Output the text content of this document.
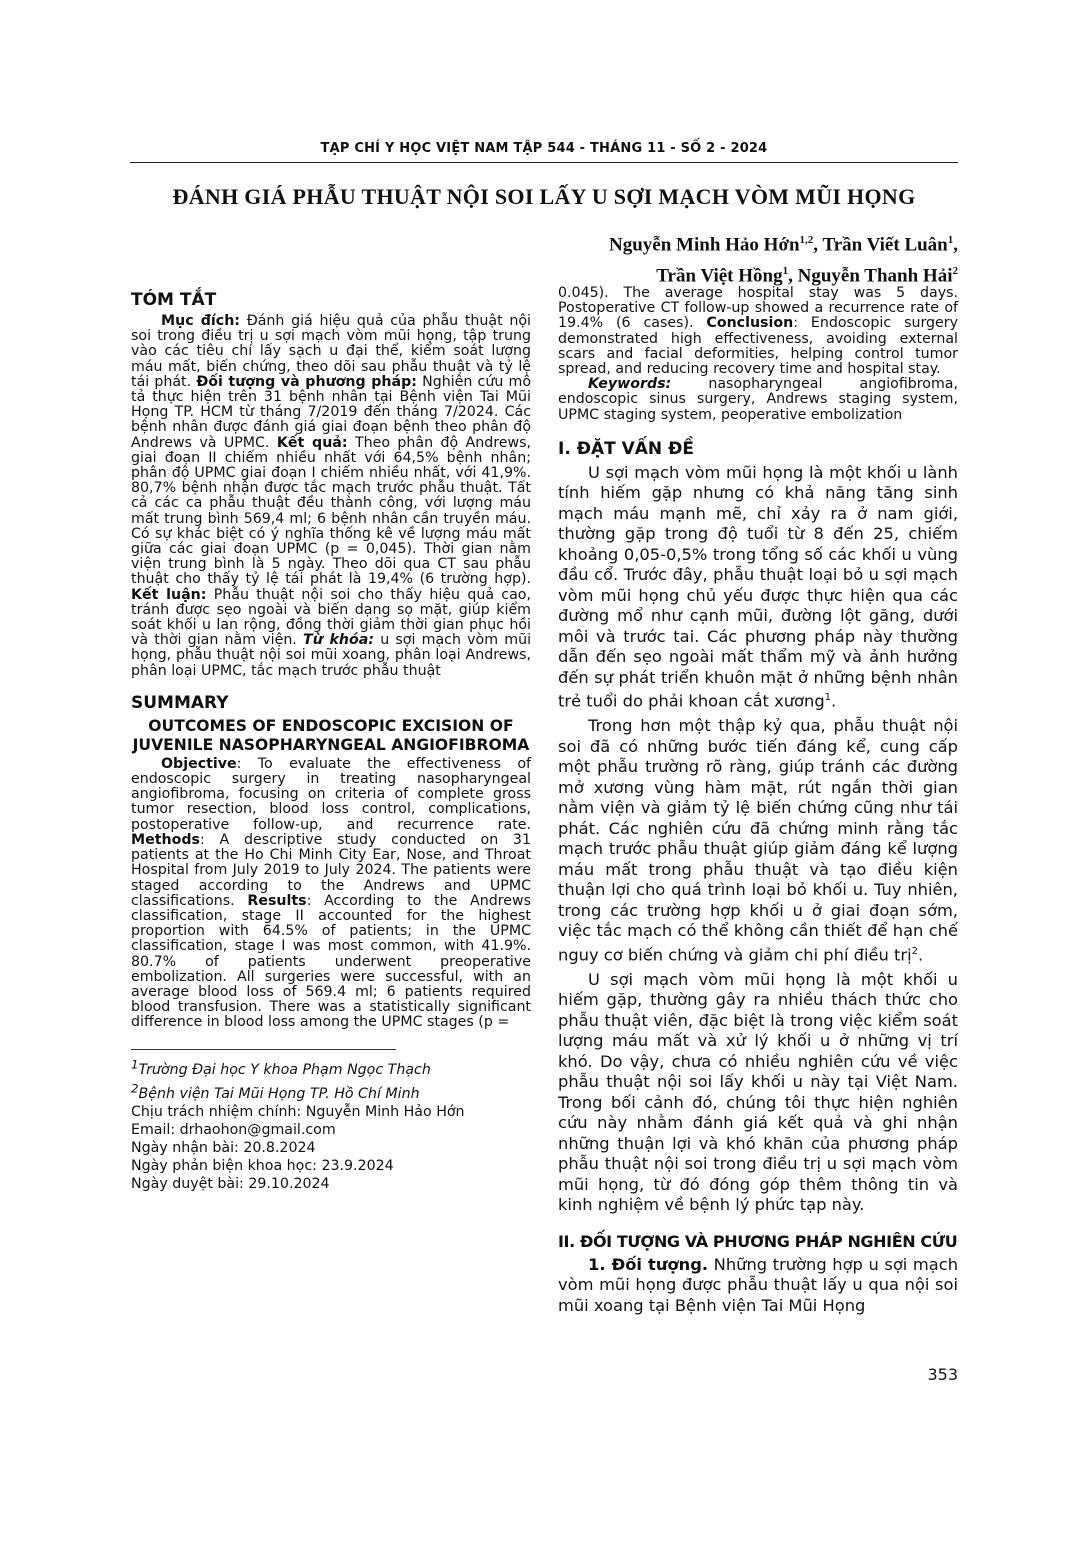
TẠP CHÍ Y HỌC VIỆT NAM TẬP 544 - THÁNG 11 - SỐ 2 - 2024
ĐÁNH GIÁ PHẪU THUẬT NỘI SOI LẤY U SỢI MẠCH VÒM MŨI HỌNG
Nguyễn Minh Hảo Hớn$^{1,2}$, Trần Viết Luân$^1$,
Trần Việt Hồng$^1$, Nguyễn Thanh Hải$^2$
TÓM TẮT

Mục đích: Đánh giá hiệu quả của phẫu thuật nội soi trong điều trị u sợi mạch vòm mũi họng, tập trung vào các tiêu chí lấy sạch u đại thể, kiểm soát lượng máu mất, biến chứng, theo dõi sau phẫu thuật và tỷ lệ tái phát. Đối tượng và phương pháp: Nghiên cứu mô tả thực hiện trên 31 bệnh nhân tại Bệnh viện Tai Mũi Họng TP. HCM từ tháng 7/2019 đến tháng 7/2024. Các bệnh nhân được đánh giá giai đoạn bệnh theo phân độ Andrews và UPMC. Kết quả: Theo phân độ Andrews, giai đoạn II chiếm nhiều nhất với 64,5% bệnh nhân; phân độ UPMC giai đoạn I chiếm nhiều nhất, với 41,9%. 80,7% bệnh nhận được tắc mạch trước phẫu thuật. Tất cả các ca phẫu thuật đều thành công, với lượng máu mất trung bình 569,4 ml; 6 bệnh nhân cần truyền máu. Có sự khác biệt có ý nghĩa thống kê về lượng máu mất giữa các giai đoạn UPMC (p = 0,045). Thời gian nằm viện trung bình là 5 ngày. Theo dõi qua CT sau phẫu thuật cho thấy tỷ lệ tái phát là 19,4% (6 trường hợp). Kết luận: Phẫu thuật nội soi cho thấy hiệu quả cao, tránh được sẹo ngoài và biến dạng sọ mặt, giúp kiểm soát khối u lan rộng, đồng thời giảm thời gian phục hồi và thời gian nằm viện. Từ khóa: u sợi mạch vòm mũi họng, phẫu thuật nội soi mũi xoang, phân loại Andrews, phân loại UPMC, tắc mạch trước phẫu thuật

SUMMARY

OUTCOMES OF ENDOSCOPIC EXCISION OF JUVENILE NASOPHARYNGEAL ANGIOFIBROMA

Objective: To evaluate the effectiveness of endoscopic surgery in treating nasopharyngeal angiofibroma, focusing on criteria of complete gross tumor resection, blood loss control, complications, postoperative follow-up, and recurrence rate. Methods: A descriptive study conducted on 31 patients at the Ho Chi Minh City Ear, Nose, and Throat Hospital from July 2019 to July 2024. The patients were staged according to the Andrews and UPMC classifications. Results: According to the Andrews classification, stage II accounted for the highest proportion with 64.5% of patients; in the UPMC classification, stage I was most common, with 41.9%. 80.7% of patients underwent preoperative embolization. All surgeries were successful, with an average blood loss of 569.4 ml; 6 patients required blood transfusion. There was a statistically significant difference in blood loss among the UPMC stages (p =

$^1$Trường Đại học Y khoa Phạm Ngọc Thạch

$^2$Bệnh viện Tai Mũi Họng TP. Hồ Chí Minh

Chịu trách nhiệm chính: Nguyễn Minh Hảo Hớn

Email: drhaohon@gmail.com

Ngày nhận bài: 20.8.2024

Ngày phản biện khoa học: 23.9.2024

Ngày duyệt bài: 29.10.2024

0.045). The average hospital stay was 5 days. Postoperative CT follow-up showed a recurrence rate of 19.4% (6 cases). Conclusion: Endoscopic surgery demonstrated high effectiveness, avoiding external scars and facial deformities, helping control tumor spread, and reducing recovery time and hospital stay.

Keywords: nasopharyngeal angiofibroma, endoscopic sinus surgery, Andrews staging system, UPMC staging system, peoperative embolization

I. ĐẶT VẤN ĐỀ

U sợi mạch vòm mũi họng là một khối u lành tính hiếm gặp nhưng có khả năng tăng sinh mạch máu mạnh mẽ, chỉ xảy ra ở nam giới, thường gặp trong độ tuổi từ 8 đến 25, chiếm khoảng 0,05-0,5% trong tổng số các khối u vùng đầu cổ. Trước đây, phẫu thuật loại bỏ u sợi mạch vòm mũi họng chủ yếu được thực hiện qua các đường mổ như cạnh mũi, đường lột găng, dưới môi và trước tai. Các phương pháp này thường dẫn đến sẹo ngoài mất thẩm mỹ và ảnh hưởng đến sự phát triển khuôn mặt ở những bệnh nhân trẻ tuổi do phải khoan cắt xương$^1$.

Trong hơn một thập kỷ qua, phẫu thuật nội soi đã có những bước tiến đáng kể, cung cấp một phẫu trường rõ ràng, giúp tránh các đường mở xương vùng hàm mặt, rút ngắn thời gian nằm viện và giảm tỷ lệ biến chứng cũng như tái phát. Các nghiên cứu đã chứng minh rằng tắc mạch trước phẫu thuật giúp giảm đáng kể lượng máu mất trong phẫu thuật và tạo điều kiện thuận lợi cho quá trình loại bỏ khối u. Tuy nhiên, trong các trường hợp khối u ở giai đoạn sớm, việc tắc mạch có thể không cần thiết để hạn chế nguy cơ biến chứng và giảm chi phí điều trị$^2$.

U sợi mạch vòm mũi họng là một khối u hiếm gặp, thường gây ra nhiều thách thức cho phẫu thuật viên, đặc biệt là trong việc kiểm soát lượng máu mất và xử lý khối u ở những vị trí khó. Do vậy, chưa có nhiều nghiên cứu về việc phẫu thuật nội soi lấy khối u này tại Việt Nam. Trong bối cảnh đó, chúng tôi thực hiện nghiên cứu này nhằm đánh giá kết quả và ghi nhận những thuận lợi và khó khăn của phương pháp phẫu thuật nội soi trong điều trị u sợi mạch vòm mũi họng, từ đó đóng góp thêm thông tin và kinh nghiệm về bệnh lý phức tạp này.

II. ĐỐI TƯỢNG VÀ PHƯƠNG PHÁP NGHIÊN CỨU

1. Đối tượng. Những trường hợp u sợi mạch vòm mũi họng được phẫu thuật lấy u qua nội soi mũi xoang tại Bệnh viện Tai Mũi Họng

353
